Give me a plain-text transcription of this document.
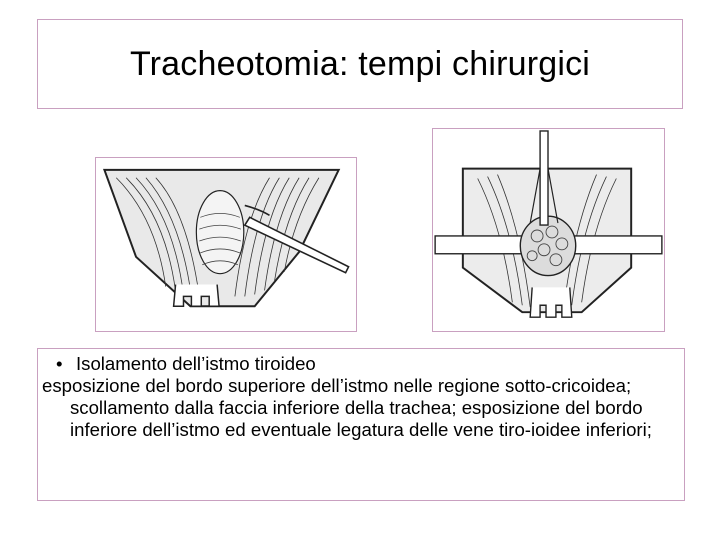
Tracheotomia: tempi chirurgici
• Isolamento dell’istmo tiroideo
esposizione del bordo superiore dell’istmo nelle regione sotto-cricoidea; scollamento dalla faccia inferiore della trachea; esposizione del bordo inferiore dell’istmo ed eventuale legatura delle vene tiro-ioidee inferiori;
